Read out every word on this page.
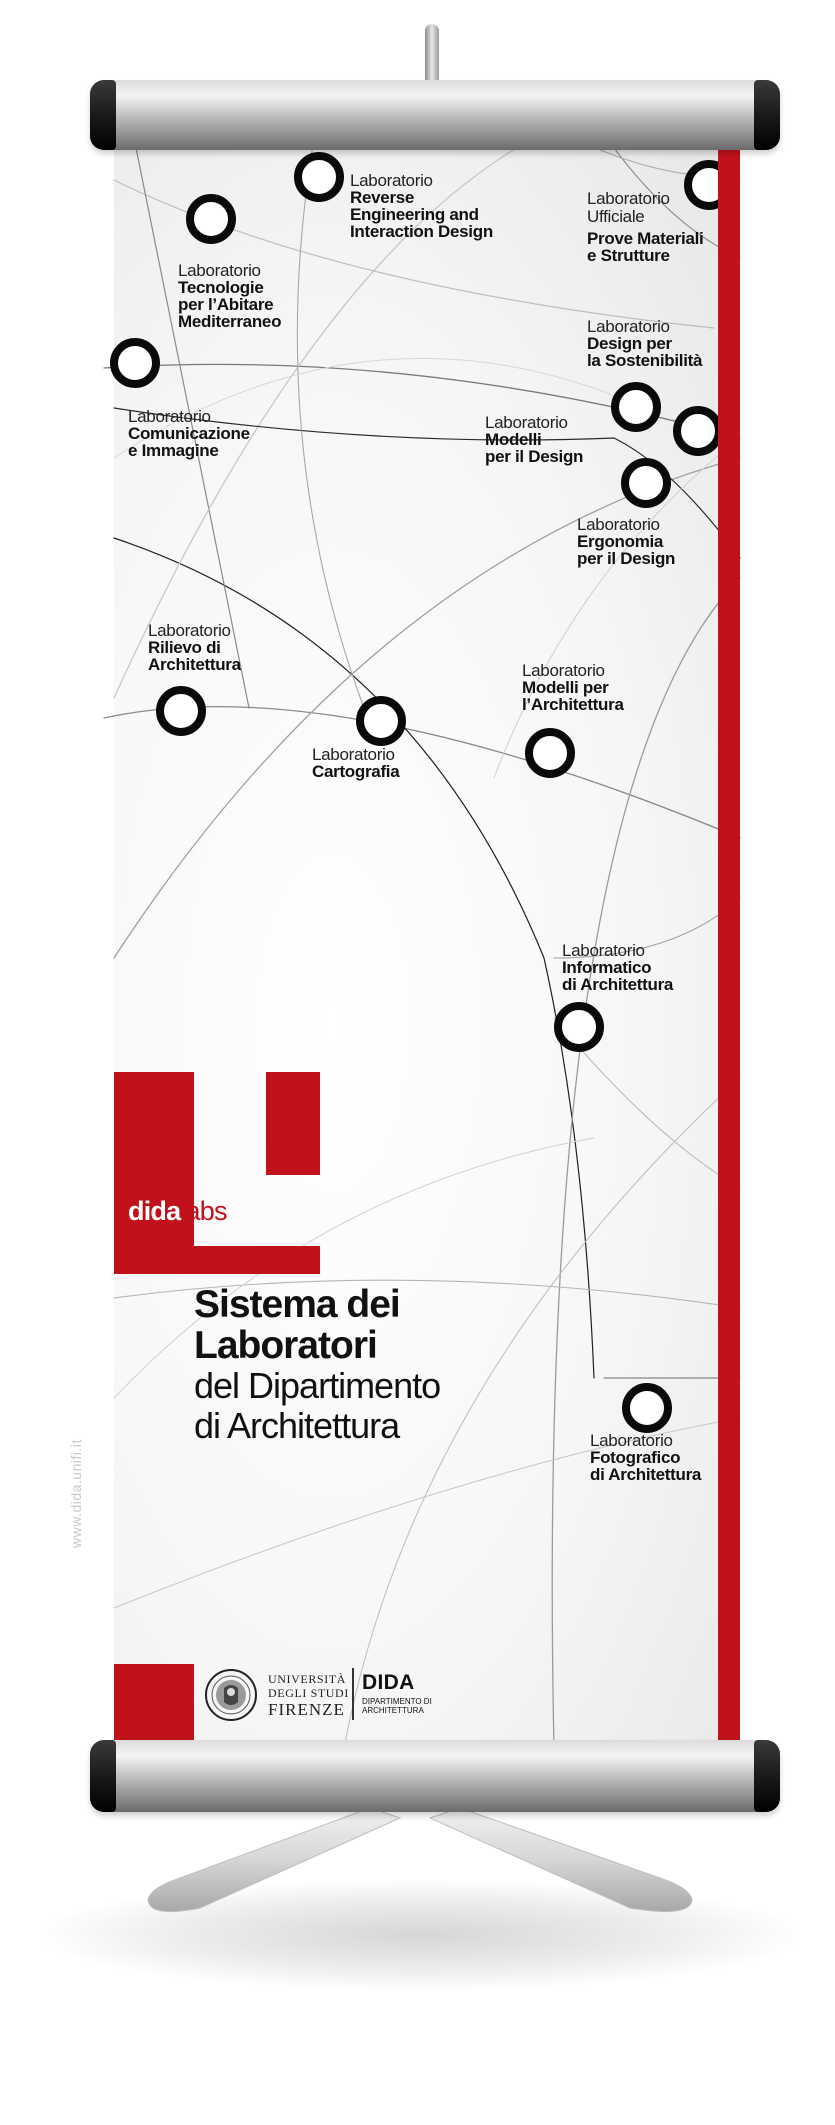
Laboratorio
Reverse
Engineering and
Interaction Design
Laboratorio
Ufficiale
Prove Materiali
e Strutture
Laboratorio
Tecnologie
per l’Abitare
Mediterraneo	Laboratorio
Design per
la Sostenibilità
Laboratorio
Comunicazione
e Immagine
Laboratorio
Modelli
per il Design
Laboratorio
Ergonomia
per il Design
Laboratorio
Rilievo di
Architettura	Laboratorio
Modelli per
l’Architettura
Laboratorio
Cartografia
Laboratorio
Informatico
di Architettura
Laboratorio
Fotografico
di Architettura
didalabs
Sistema dei
Laboratori
del Dipartimento
di Architettura
www.dida.unifi.it
UNIVERSITÀ
DEGLI STUDI
FIRENZE
DIDA
DIPARTIMENTO DI
ARCHITETTURA
